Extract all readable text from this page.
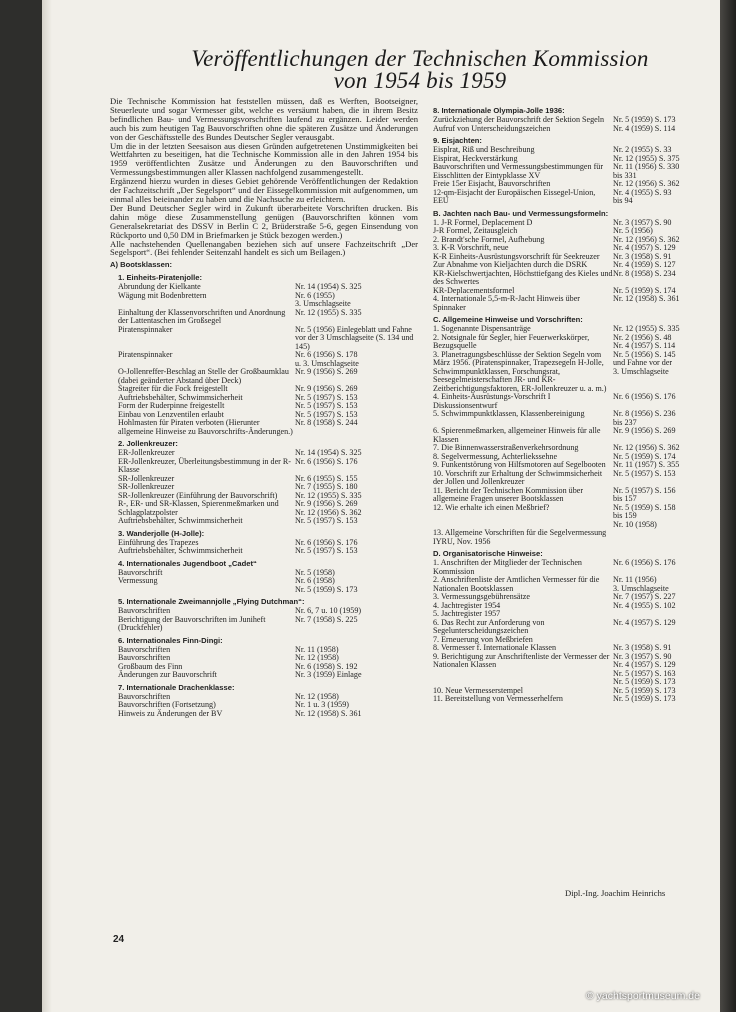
Veröffentlichungen der Technischen Kommission
von 1954 bis 1959
Die Technische Kommission hat feststellen müssen, daß es Werften, Bootseigner, Steuerleute und sogar Vermesser gibt, welche es versäumt haben, die in ihrem Besitz befindlichen Bau- und Vermessungsvorschriften laufend zu ergänzen. Leider werden auch bis zum heutigen Tag Bauvorschriften ohne die späteren Zusätze und Änderungen von der Geschäftsstelle des Bundes Deutscher Segler verausgabt.
Um die in der letzten Seesaison aus diesen Gründen aufgetretenen Unstimmigkeiten bei Wettfahrten zu beseitigen, hat die Technische Kommission alle in den Jahren 1954 bis 1959 veröffentlichten Zusätze und Änderungen zu den Bauvorschriften und Vermessungsbestimmungen aller Klassen nachfolgend zusammengestellt.
Ergänzend hierzu wurden in dieses Gebiet gehörende Veröffentlichungen der Redaktion der Fachzeitschrift „Der Segelsport“ und der Eissegelkommission mit aufgenommen, um einmal alles beieinander zu haben und die Nachsuche zu erleichtern.
Der Bund Deutscher Segler wird in Zukunft überarbeitete Vorschriften drucken. Bis dahin möge diese Zusammenstellung genügen (Bauvorschriften können vom Generalsekretariat des DSSV in Berlin C 2, Brüderstraße 5-6, gegen Einsendung von Rückporto und 0,50 DM in Briefmarken je Stück bezogen werden.)
Alle nachstehenden Quellenangaben beziehen sich auf unsere Fachzeitschrift „Der Segelsport“. (Bei fehlender Seitenzahl handelt es sich um Beilagen.)
A) Bootsklassen:
1. Einheits-Piratenjolle:
Abrundung der Kielkante	Nr. 14 (1954) S. 325
Wägung mit Bodenbrettern	Nr. 6 (1955)
3. Umschlagseite
Einhaltung der Klassenvorschriften und Anordnung der Lattentaschen im Großsegel
Nr. 12 (1955) S. 335
Piratenspinnaker	Nr. 5 (1956) Einlegeblatt und Fahne vor der 3 Umschlagseite (S. 134 und 145)
Piratenspinnaker	Nr. 6 (1956) S. 178
u. 3. Umschlagseite
O-Jollenreffer-Beschlag an Stelle der Großbaumklau (dabei geänderter Abstand über Deck)
Nr. 9 (1956) S. 269
Stagreiter für die Fock freigestellt	Nr. 9 (1956) S. 269
Auftriebsbehälter, Schwimmsicherheit	Nr. 5 (1957) S. 153
Form der Ruderpinne freigestellt	Nr. 5 (1957) S. 153
Einbau von Lenzventilen erlaubt	Nr. 5 (1957) S. 153
Hohlmasten für Piraten verboten (Hierunter allgemeine Hinweise zu Bauvorschrifts-Änderungen.)
Nr. 8 (1958) S. 244
2. Jollenkreuzer:
ER-Jollenkreuzer	Nr. 14 (1954) S. 325
ER-Jollenkreuzer, Überleitungsbestimmung in der R-Klasse
Nr. 6 (1956) S. 176
SR-Jollenkreuzer	Nr. 6 (1955) S. 155
SR-Jollenkreuzer	Nr. 7 (1955) S. 180
SR-Jollenkreuzer (Einführung der Bauvorschrift)	Nr. 12 (1955) S. 335
R-, ER- und SR-Klassen, Spierenmeßmarken und Schlagplatzpolster
Nr. 9 (1956) S. 269
Nr. 12 (1956) S. 362
Auftriebsbehälter, Schwimmsicherheit	Nr. 5 (1957) S. 153
3. Wanderjolle (H-Jolle):
Einführung des Trapezes	Nr. 6 (1956) S. 176
Auftriebsbehälter, Schwimmsicherheit	Nr. 5 (1957) S. 153
4. Internationales Jugendboot „Cadet“
Bauvorschrift	Nr. 5 (1958)
Vermessung	Nr. 6 (1958)
Nr. 5 (1959) S. 173
5. Internationale Zweimannjolle „Flying Dutchman“:
Bauvorschriften	Nr. 6, 7 u. 10 (1959)
Berichtigung der Bauvorschriften im Juniheft (Druckfehler)
Nr. 7 (1958) S. 225
6. Internationales Finn-Dingi:
Bauvorschriften	Nr. 11 (1958)
Bauvorschriften	Nr. 12 (1958)
Großbaum des Finn	Nr. 6 (1958) S. 192
Änderungen zur Bauvorschrift	Nr. 3 (1959) Einlage
7. Internationale Drachenklasse:
Bauvorschriften	Nr. 12 (1958)
Bauvorschriften (Fortsetzung)	Nr. 1 u. 3 (1959)
Hinweis zu Änderungen der BV	Nr. 12 (1958) S. 361
8. Internationale Olympia-Jolle 1936:
Zurückziehung der Bauvorschrift der Sektion Segeln	Nr. 5 (1959) S. 173
Aufruf von Unterscheidungszeichen	Nr. 4 (1959) S. 114
9. Eisjachten:
Eisplrat, Riß und Beschreibung	Nr. 2 (1955) S. 33
Eispirat, Heckverstärkung	Nr. 12 (1955) S. 375
Bauvorschriften und Vermessungsbestimmungen für Eisschlitten der Eintypklasse XV
Nr. 11 (1956) S. 330
bis 331
Freie 15er Eisjacht, Bauvorschriften	Nr. 12 (1956) S. 362
12-qm-Eisjacht der Europäischen Eissegel-Union, EEU
Nr. 4 (1955) S. 93
bis 94
B. Jachten nach Bau- und Vermessungsformeln:
1. J-R Formel, Deplacement D	Nr. 3 (1957) S. 90
J-R Formel, Zeitausgleich	Nr. 5 (1956)
2. Brandt'sche Formel, Aufhebung	Nr. 12 (1956) S. 362
3. K-R Vorschrift, neue	Nr. 4 (1957) S. 129
K-R Einheits-Ausrüstungsvorschrift für Seekreuzer	Nr. 3 (1958) S. 91
Zur Abnahme von Kieljachten durch die DSRK	Nr. 4 (1959) S. 127
KR-Kielschwertjachten, Höchsttiefgang des Kieles und des Schwertes
Nr. 8 (1958) S. 234
KR-Deplacementsformel	Nr. 5 (1959) S. 174
4. Internationale 5,5-m-R-Jacht Hinweis über Spinnaker
Nr. 12 (1958) S. 361
C. Allgemeine Hinweise und Vorschriften:
1. Sogenannte Dispensanträge	Nr. 12 (1955) S. 335
2. Notsignale für Segler, hier Feuerwerkskörper, Bezugsquelle
Nr. 2 (1956) S. 48
Nr. 4 (1957) S. 114
3. Planetragungsbeschlüsse der Sektion Segeln vom März 1956. (Piratenspinnaker, Trapezsegeln H-Jolle, Schwimmpunktklassen, Forschungsrat, Seesegelmeisterschaften JR- und KR-Zeitberichtigungsfaktoren, ER-Jollenkreuzer u. a. m.)
Nr. 5 (1956) S. 145
und Fahne vor der
3. Umschlagseite
4. Einheits-Ausrüstungs-Vorschrift I Diskussionsentwurf
Nr. 6 (1956) S. 176
5. Schwimmpunktklassen, Klassenbereinigung	Nr. 8 (1956) S. 236
bis 237
6. Spierenmeßmarken, allgemeiner Hinweis für alle Klassen
Nr. 9 (1956) S. 269
7. Die Binnenwasserstraßenverkehrsordnung	Nr. 12 (1956) S. 362
8. Segelvermessung, Achterliekssehne	Nr. 5 (1959) S. 174
9. Funkentstörung von Hilfsmotoren auf Segelbooten Nr. 11 (1957) S. 355
10. Vorschrift zur Erhaltung der Schwimmsicherheit der Jollen und Jollenkreuzer
Nr. 5 (1957) S. 153
11. Bericht der Technischen Kommission über allgemeine Fragen unserer Bootsklassen
Nr. 5 (1957) S. 156
bis 157
12. Wie erhalte ich einen Meßbrief?	Nr. 5 (1959) S. 158
bis 159
Nr. 10 (1958)
13. Allgemeine Vorschriften für die Segelvermessung IYRU, Nov. 1956
D. Organisatorische Hinweise:
1. Anschriften der Mitglieder der Technischen Kommission
Nr. 6 (1956) S. 176
2. Anschriftenliste der Amtlichen Vermesser für die Nationalen Bootsklassen
Nr. 11 (1956)
3. Umschlagseite
3. Vermessungsgebührensätze	Nr. 7 (1957) S. 227
4. Jachtregister 1954	Nr. 4 (1955) S. 102
5. Jachtregister 1957
6. Das Recht zur Anforderung von Segelunterscheidungszeichen
Nr. 4 (1957) S. 129
7. Erneuerung von Meßbriefen
8. Vermesser f. Internationale Klassen	Nr. 3 (1958) S. 91
9. Berichtigung zur Anschriftenliste der Vermesser der Nationalen Klassen
Nr. 3 (1957) S. 90
Nr. 4 (1957) S. 129
Nr. 5 (1957) S. 163
Nr. 5 (1959) S. 173
10. Neue Vermesserstempel	Nr. 5 (1959) S. 173
11. Bereitstellung von Vermesserhelfern	Nr. 5 (1959) S. 173
Dipl.-Ing. Joachim Heinrichs
24
© yachtsportmuseum.de
